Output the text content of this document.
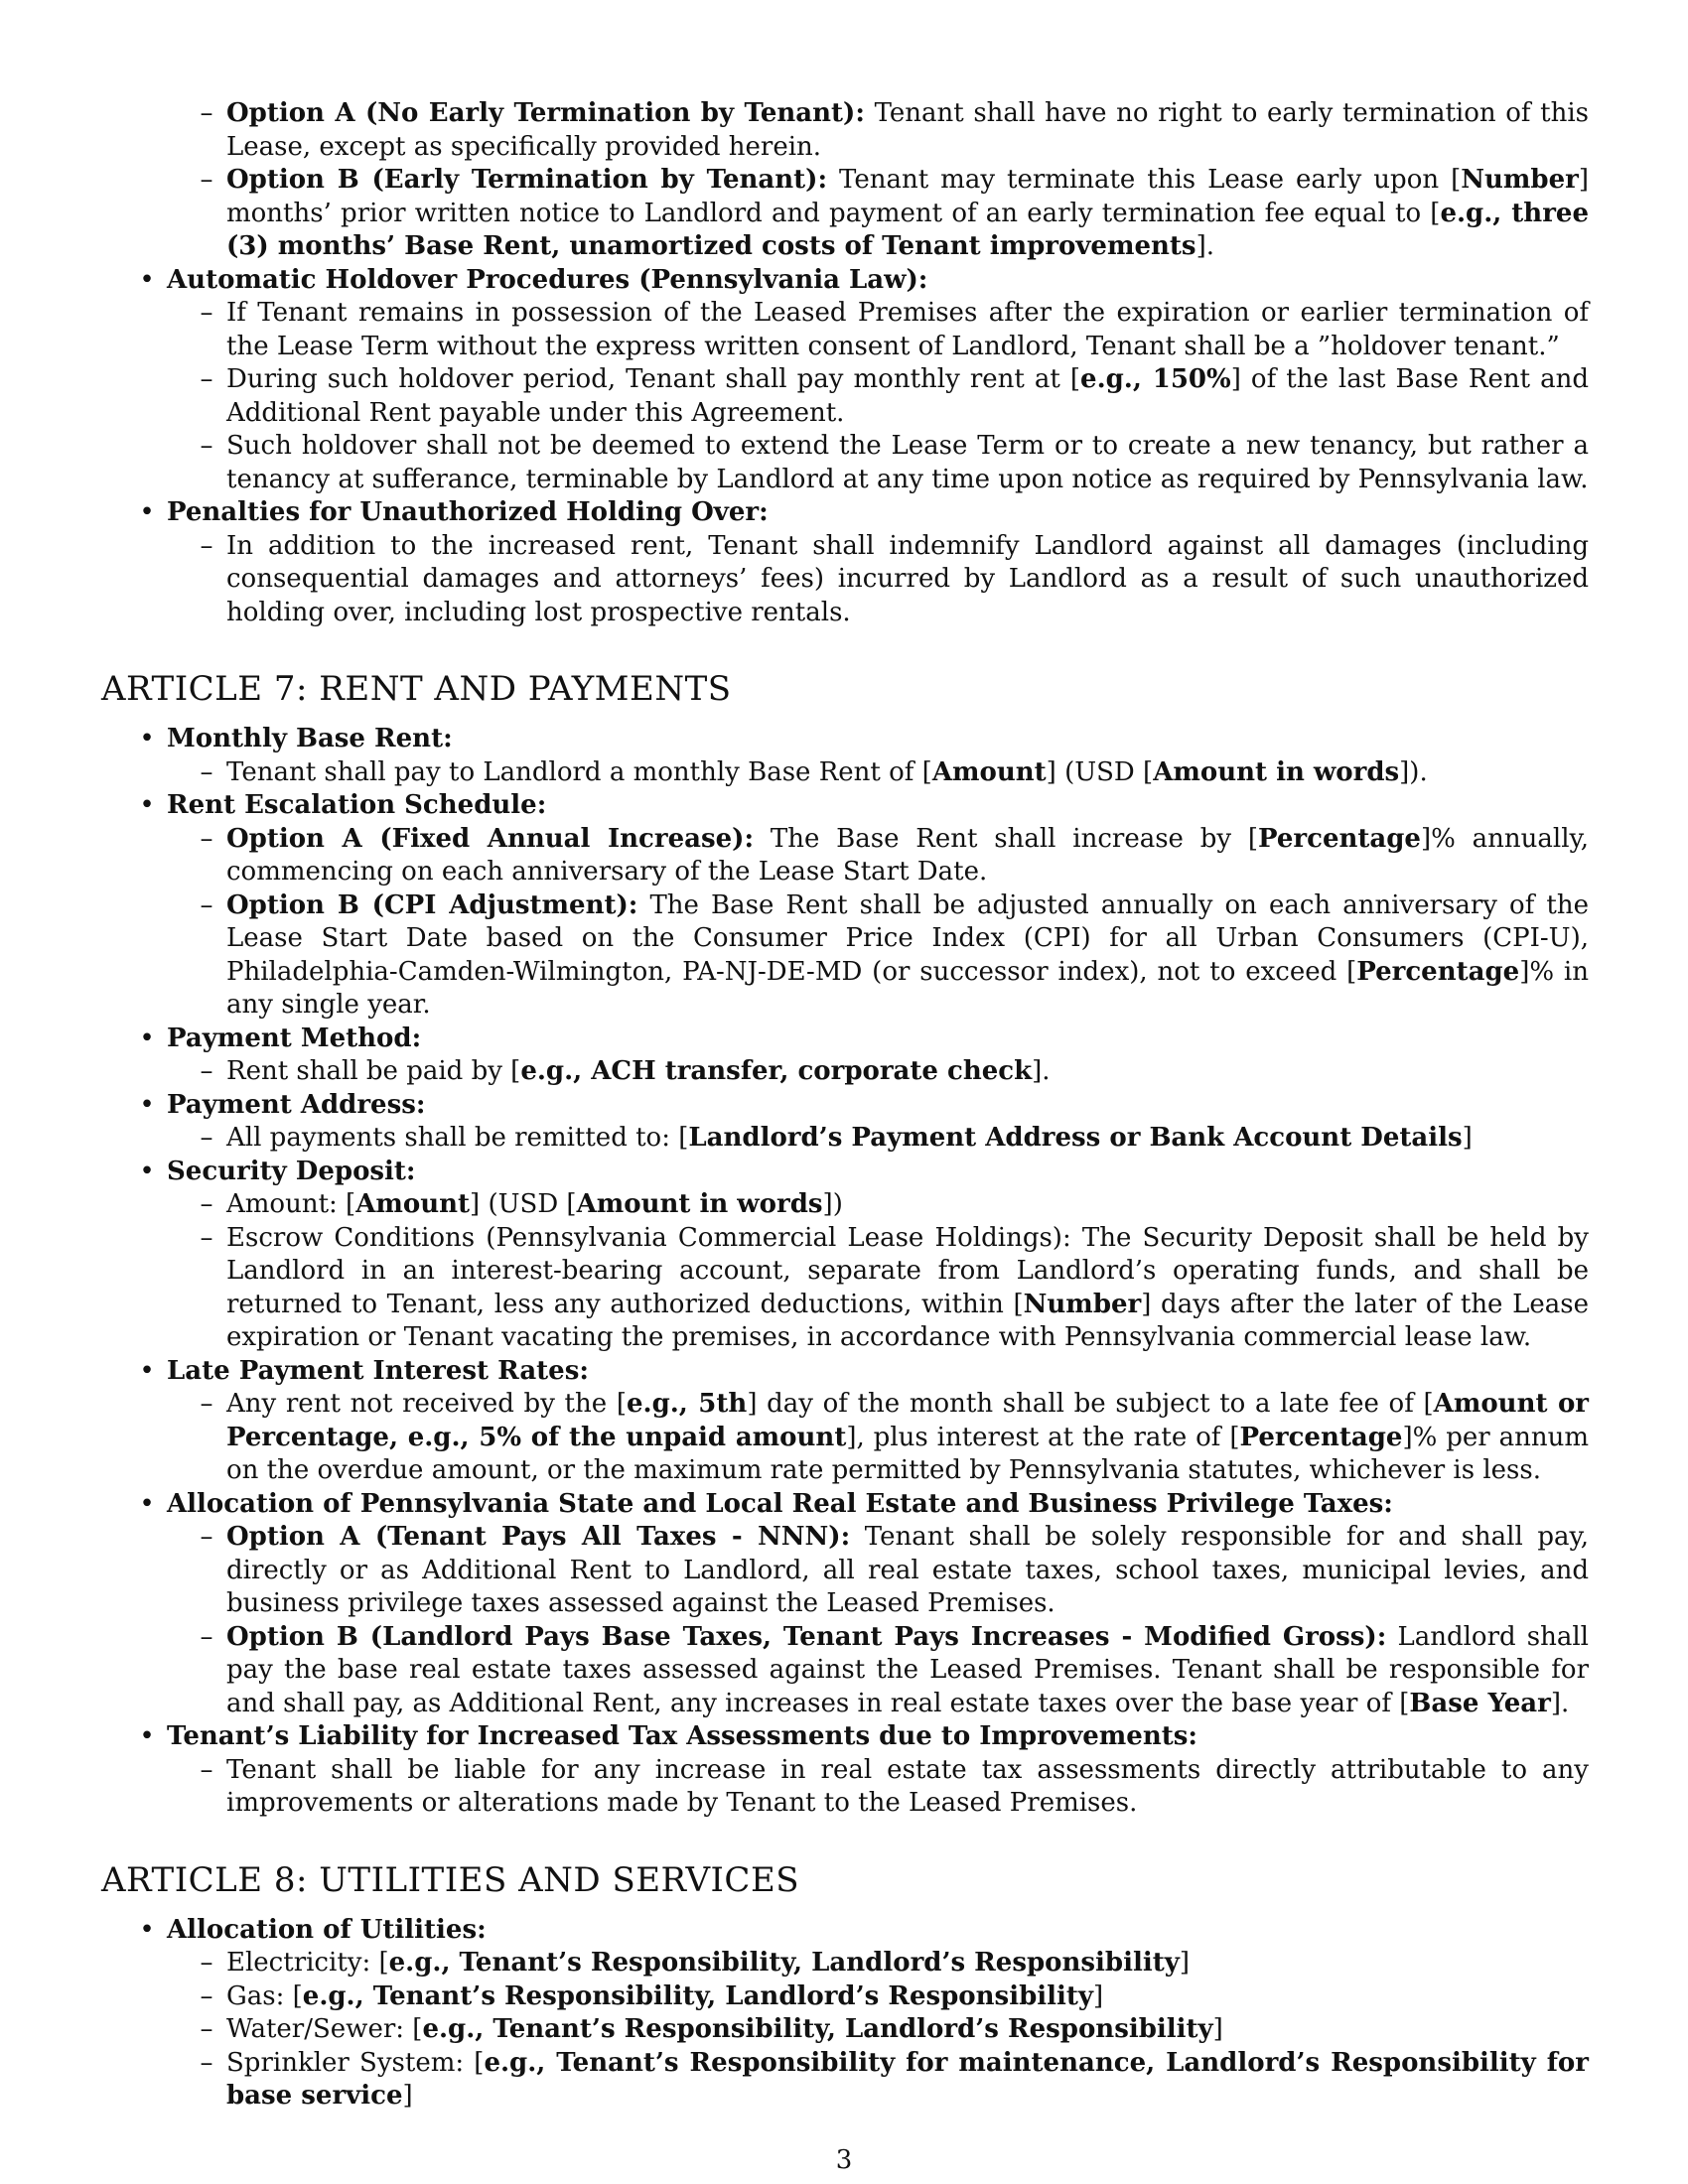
– Option A (No Early Termination by Tenant): Tenant shall have no right to early termination of this Lease, except as specifically provided herein.
– Option B (Early Termination by Tenant): Tenant may terminate this Lease early upon [Number] months’ prior written notice to Landlord and payment of an early termination fee equal to [e.g., three (3) months’ Base Rent, unamortized costs of Tenant improvements].
• Automatic Holdover Procedures (Pennsylvania Law):
– If Tenant remains in possession of the Leased Premises after the expiration or earlier termination of the Lease Term without the express written consent of Landlord, Tenant shall be a ”holdover tenant.”
– During such holdover period, Tenant shall pay monthly rent at [e.g., 150%] of the last Base Rent and Additional Rent payable under this Agreement.
– Such holdover shall not be deemed to extend the Lease Term or to create a new tenancy, but rather a tenancy at sufferance, terminable by Landlord at any time upon notice as required by Pennsylvania law.
• Penalties for Unauthorized Holding Over:
– In addition to the increased rent, Tenant shall indemnify Landlord against all damages (including consequential damages and attorneys’ fees) incurred by Landlord as a result of such unauthorized holding over, including lost prospective rentals.
ARTICLE 7: RENT AND PAYMENTS
• Monthly Base Rent:
– Tenant shall pay to Landlord a monthly Base Rent of [Amount] (USD [Amount in words]).
• Rent Escalation Schedule:
– Option A (Fixed Annual Increase): The Base Rent shall increase by [Percentage]% annually, commencing on each anniversary of the Lease Start Date.
– Option B (CPI Adjustment): The Base Rent shall be adjusted annually on each anniversary of the Lease Start Date based on the Consumer Price Index (CPI) for all Urban Consumers (CPI-U), Philadelphia-Camden-Wilmington, PA-NJ-DE-MD (or successor index), not to exceed [Percentage]% in any single year.
• Payment Method:
– Rent shall be paid by [e.g., ACH transfer, corporate check].
• Payment Address:
– All payments shall be remitted to: [Landlord’s Payment Address or Bank Account Details]
• Security Deposit:
– Amount: [Amount] (USD [Amount in words])
– Escrow Conditions (Pennsylvania Commercial Lease Holdings): The Security Deposit shall be held by Landlord in an interest-bearing account, separate from Landlord’s operating funds, and shall be returned to Tenant, less any authorized deductions, within [Number] days after the later of the Lease expiration or Tenant vacating the premises, in accordance with Pennsylvania commercial lease law.
• Late Payment Interest Rates:
– Any rent not received by the [e.g., 5th] day of the month shall be subject to a late fee of [Amount or Percentage, e.g., 5% of the unpaid amount], plus interest at the rate of [Percentage]% per annum on the overdue amount, or the maximum rate permitted by Pennsylvania statutes, whichever is less.
• Allocation of Pennsylvania State and Local Real Estate and Business Privilege Taxes:
– Option A (Tenant Pays All Taxes - NNN): Tenant shall be solely responsible for and shall pay, directly or as Additional Rent to Landlord, all real estate taxes, school taxes, municipal levies, and business privilege taxes assessed against the Leased Premises.
– Option B (Landlord Pays Base Taxes, Tenant Pays Increases - Modified Gross): Landlord shall pay the base real estate taxes assessed against the Leased Premises. Tenant shall be responsible for and shall pay, as Additional Rent, any increases in real estate taxes over the base year of [Base Year].
• Tenant’s Liability for Increased Tax Assessments due to Improvements:
– Tenant shall be liable for any increase in real estate tax assessments directly attributable to any improvements or alterations made by Tenant to the Leased Premises.
ARTICLE 8: UTILITIES AND SERVICES
• Allocation of Utilities:
– Electricity: [e.g., Tenant’s Responsibility, Landlord’s Responsibility]
– Gas: [e.g., Tenant’s Responsibility, Landlord’s Responsibility]
– Water/Sewer: [e.g., Tenant’s Responsibility, Landlord’s Responsibility]
– Sprinkler System: [e.g., Tenant’s Responsibility for maintenance, Landlord’s Responsibility for base service]
3
